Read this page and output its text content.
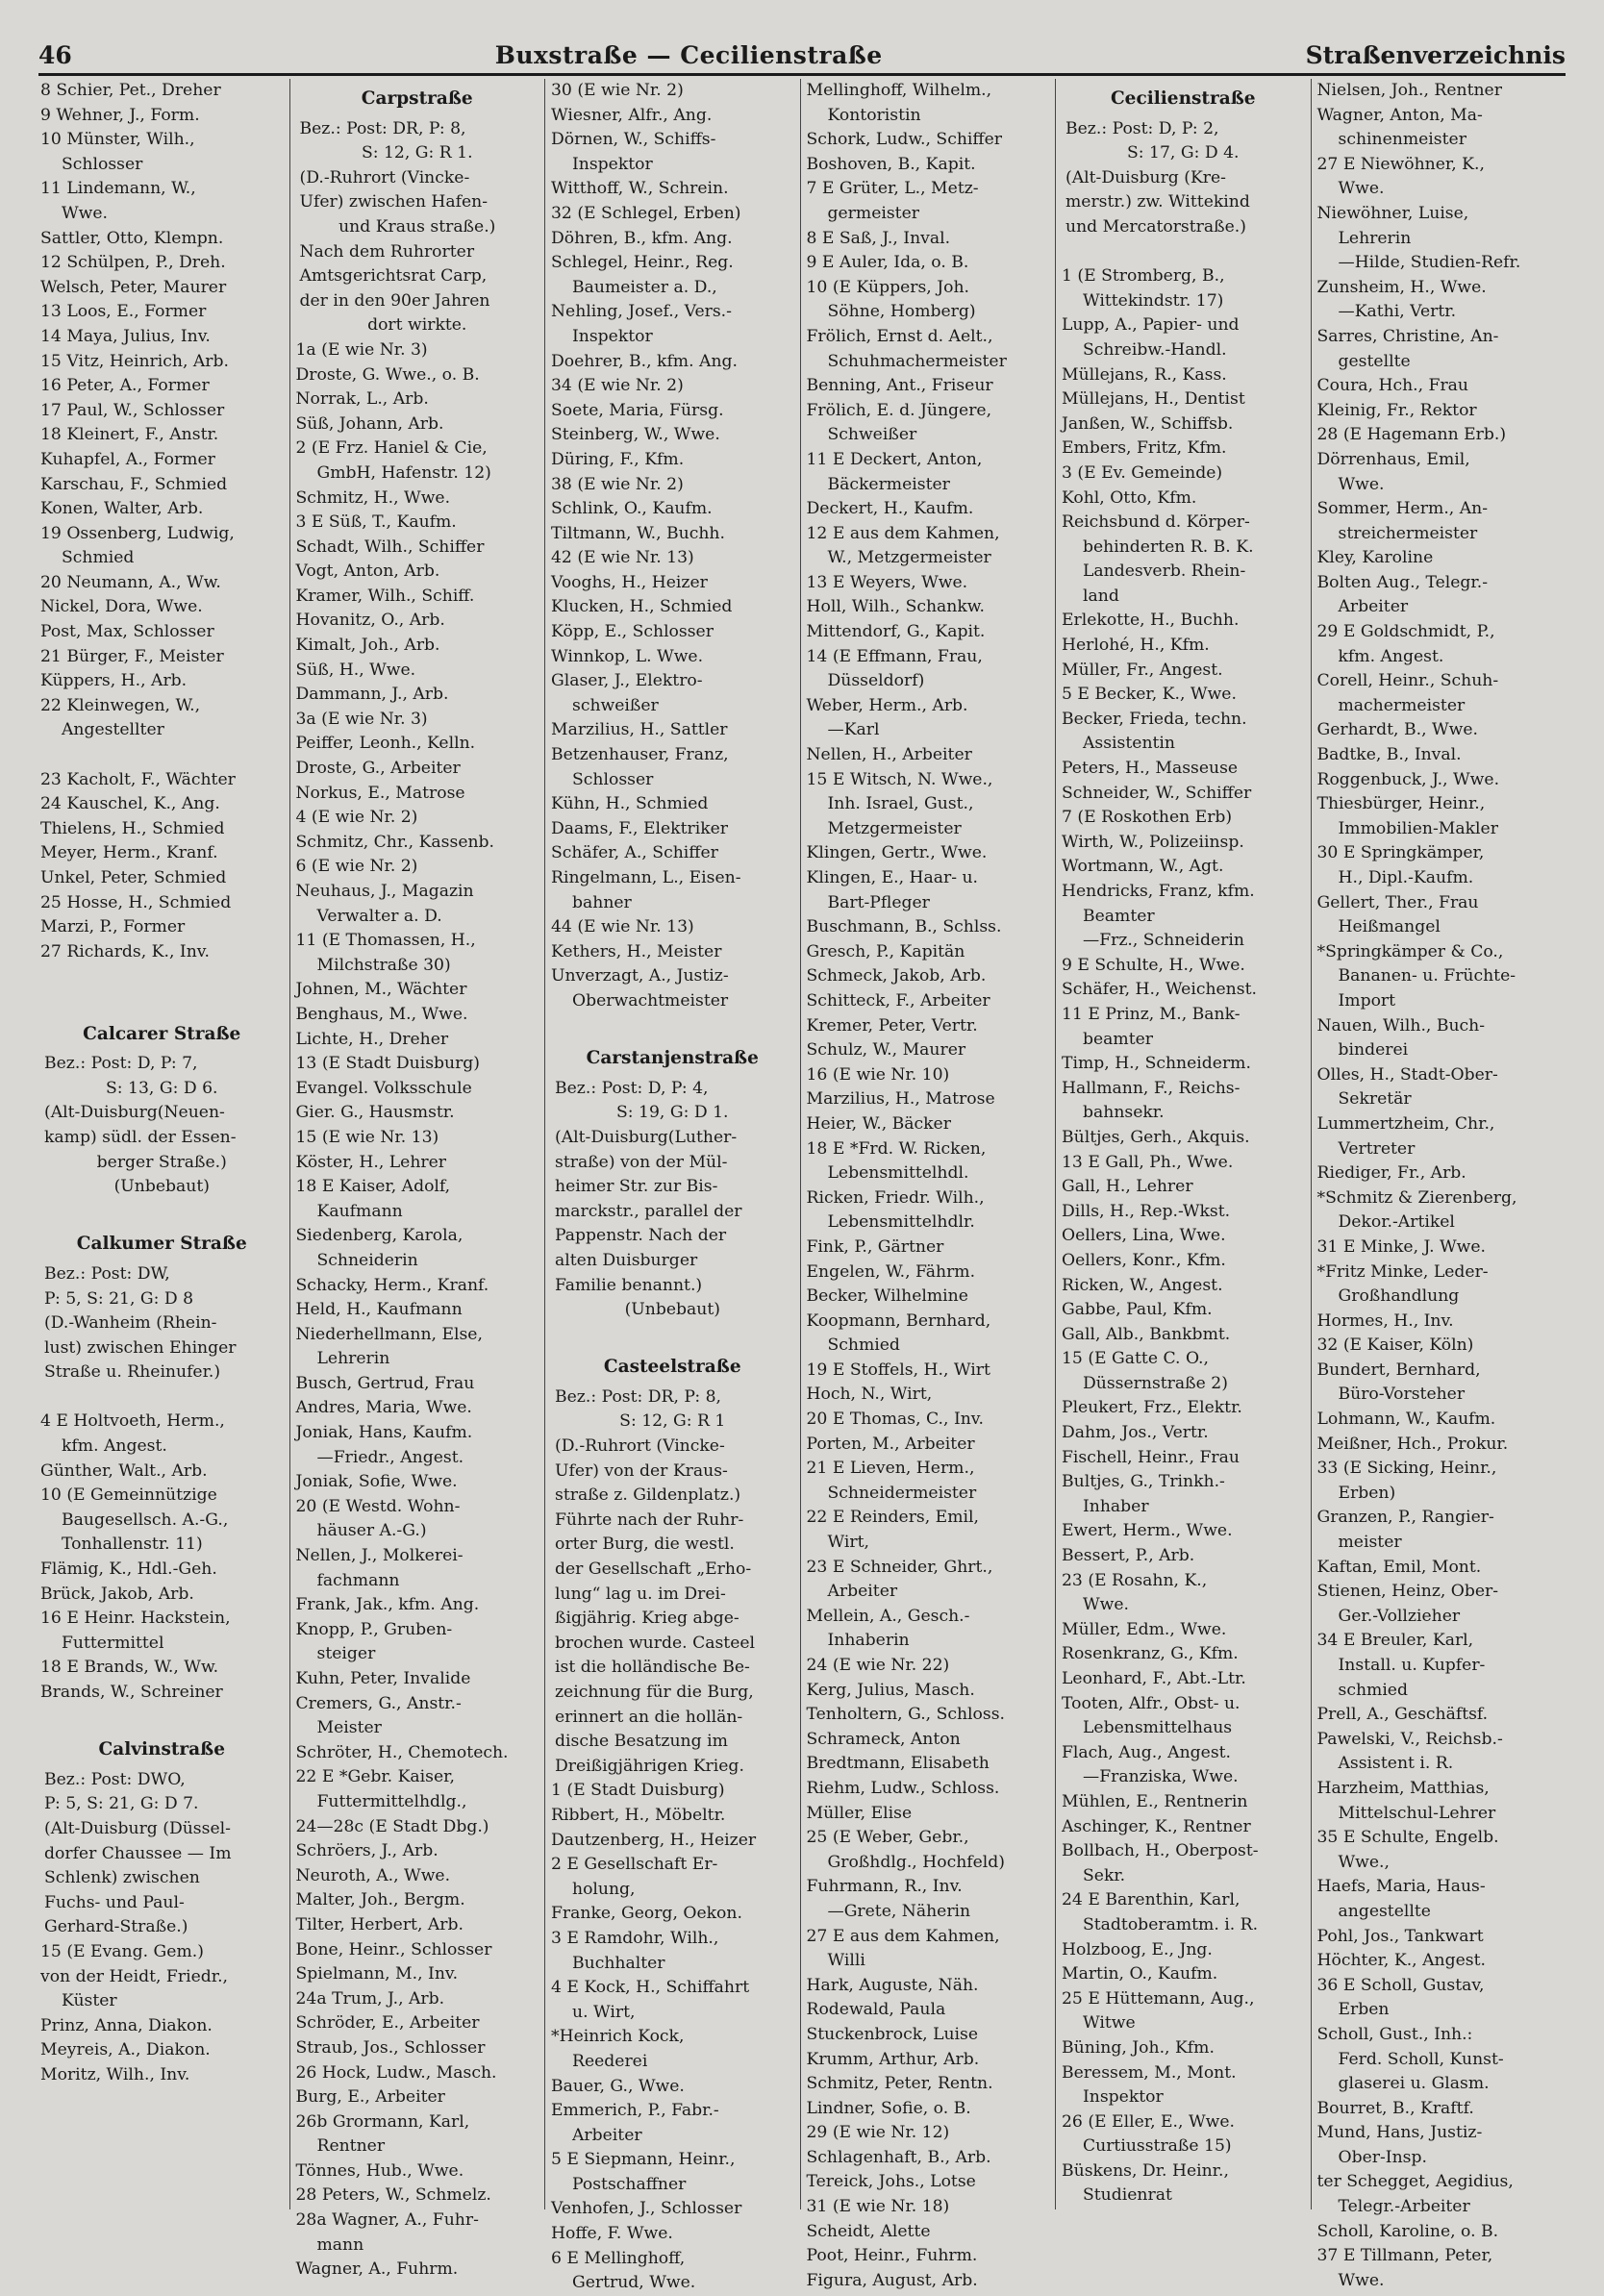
46	Buxstraße — Cecilienstraße	Straßenverzeichnis
8 Schier, Pet., Dreher
9 Wehner, J., Form.
10 Münster, Wilh.,
Schlosser
11 Lindemann, W.,
Wwe.
Sattler, Otto, Klempn.
12 Schülpen, P., Dreh.
Welsch, Peter, Maurer
13 Loos, E., Former
14 Maya, Julius, Inv.
15 Vitz, Heinrich, Arb.
16 Peter, A., Former
17 Paul, W., Schlosser
18 Kleinert, F., Anstr.
Kuhapfel, A., Former
Karschau, F., Schmied
Konen, Walter, Arb.
19 Ossenberg, Ludwig,
Schmied
20 Neumann, A., Ww.
Nickel, Dora, Wwe.
Post, Max, Schlosser
21 Bürger, F., Meister
Küppers, H., Arb.
22 Kleinwegen, W.,
Angestellter
23 Kacholt, F., Wächter
24 Kauschel, K., Ang.
Thielens, H., Schmied
Meyer, Herm., Kranf.
Unkel, Peter, Schmied
25 Hosse, H., Schmied
Marzi, P., Former
27 Richards, K., Inv.
Calcarer Straße
Bez.: Post: D, P: 7,
S: 13, G: D 6.
(Alt-Duisburg(Neuen-
kamp) südl. der Essen-
berger Straße.)
(Unbebaut)
Calkumer Straße
Bez.: Post: DW,
P: 5, S: 21, G: D 8
(D.-Wanheim (Rhein-
lust) zwischen Ehinger
Straße u. Rheinufer.)
4 E Holtvoeth, Herm.,
kfm. Angest.
Günther, Walt., Arb.
10 (E Gemeinnützige
Baugesellsch. A.-G.,
Tonhallenstr. 11)
Flämig, K., Hdl.-Geh.
Brück, Jakob, Arb.
16 E Heinr. Hackstein,
Futtermittel
18 E Brands, W., Ww.
Brands, W., Schreiner
Calvinstraße
Bez.: Post: DWO,
P: 5, S: 21, G: D 7.
(Alt-Duisburg (Düssel-
dorfer Chaussee — Im
Schlenk) zwischen
Fuchs- und Paul-
Gerhard-Straße.)
15 (E Evang. Gem.)
von der Heidt, Friedr.,
Küster
Prinz, Anna, Diakon.
Meyreis, A., Diakon.
Moritz, Wilh., Inv.
Carpstraße
Bez.: Post: DR, P: 8,
S: 12, G: R 1.
(D.-Ruhrort (Vincke-
Ufer) zwischen Hafen-
und Kraus straße.)
Nach dem Ruhrorter
Amtsgerichtsrat Carp,
der in den 90er Jahren
dort wirkte.
1a (E wie Nr. 3)
Droste, G. Wwe., o. B.
Norrak, L., Arb.
Süß, Johann, Arb.
2 (E Frz. Haniel & Cie,
GmbH, Hafenstr. 12)
Schmitz, H., Wwe.
3 E Süß, T., Kaufm.
Schadt, Wilh., Schiffer
Vogt, Anton, Arb.
Kramer, Wilh., Schiff.
Hovanitz, O., Arb.
Kimalt, Joh., Arb.
Süß, H., Wwe.
Dammann, J., Arb.
3a (E wie Nr. 3)
Peiffer, Leonh., Kelln.
Droste, G., Arbeiter
Norkus, E., Matrose
4 (E wie Nr. 2)
Schmitz, Chr., Kassenb.
6 (E wie Nr. 2)
Neuhaus, J., Magazin
Verwalter a. D.
11 (E Thomassen, H.,
Milchstraße 30)
Johnen, M., Wächter
Benghaus, M., Wwe.
Lichte, H., Dreher
13 (E Stadt Duisburg)
Evangel. Volksschule
Gier. G., Hausmstr.
15 (E wie Nr. 13)
Köster, H., Lehrer
18 E Kaiser, Adolf,
Kaufmann
Siedenberg, Karola,
Schneiderin
Schacky, Herm., Kranf.
Held, H., Kaufmann
Niederhellmann, Else,
Lehrerin
Busch, Gertrud, Frau
Andres, Maria, Wwe.
Joniak, Hans, Kaufm.
—Friedr., Angest.
Joniak, Sofie, Wwe.
20 (E Westd. Wohn-
häuser A.-G.)
Nellen, J., Molkerei-
fachmann
Frank, Jak., kfm. Ang.
Knopp, P., Gruben-
steiger
Kuhn, Peter, Invalide
Cremers, G., Anstr.-
Meister
Schröter, H., Chemotech.
22 E *Gebr. Kaiser,
Futtermittelhdlg.,
24—28c (E Stadt Dbg.)
Schröers, J., Arb.
Neuroth, A., Wwe.
Malter, Joh., Bergm.
Tilter, Herbert, Arb.
Bone, Heinr., Schlosser
Spielmann, M., Inv.
24a Trum, J., Arb.
Schröder, E., Arbeiter
Straub, Jos., Schlosser
26 Hock, Ludw., Masch.
Burg, E., Arbeiter
26b Grormann, Karl,
Rentner
Tönnes, Hub., Wwe.
28 Peters, W., Schmelz.
28a Wagner, A., Fuhr-
mann
Wagner, A., Fuhrm.
30 (E wie Nr. 2)
Wiesner, Alfr., Ang.
Dörnen, W., Schiffs-
Inspektor
Witthoff, W., Schrein.
32 (E Schlegel, Erben)
Döhren, B., kfm. Ang.
Schlegel, Heinr., Reg.
Baumeister a. D.,
Nehling, Josef., Vers.-
Inspektor
Doehrer, B., kfm. Ang.
34 (E wie Nr. 2)
Soete, Maria, Fürsg.
Steinberg, W., Wwe.
Düring, F., Kfm.
38 (E wie Nr. 2)
Schlink, O., Kaufm.
Tiltmann, W., Buchh.
42 (E wie Nr. 13)
Vooghs, H., Heizer
Klucken, H., Schmied
Köpp, E., Schlosser
Winnkop, L. Wwe.
Glaser, J., Elektro-
schweißer
Marzilius, H., Sattler
Betzenhauser, Franz,
Schlosser
Kühn, H., Schmied
Daams, F., Elektriker
Schäfer, A., Schiffer
Ringelmann, L., Eisen-
bahner
44 (E wie Nr. 13)
Kethers, H., Meister
Unverzagt, A., Justiz-
Oberwachtmeister
Carstanjenstraße
Bez.: Post: D, P: 4,
S: 19, G: D 1.
(Alt-Duisburg(Luther-
straße) von der Mül-
heimer Str. zur Bis-
marckstr., parallel der
Pappenstr. Nach der
alten Duisburger
Familie benannt.)
(Unbebaut)
Casteelstraße
Bez.: Post: DR, P: 8,
S: 12, G: R 1
(D.-Ruhrort (Vincke-
Ufer) von der Kraus-
straße z. Gildenplatz.)
Führte nach der Ruhr-
orter Burg, die westl.
der Gesellschaft „Erho-
lung“ lag u. im Drei-
ßigjährig. Krieg abge-
brochen wurde. Casteel
ist die holländische Be-
zeichnung für die Burg,
erinnert an die hollän-
dische Besatzung im
Dreißigjährigen Krieg.
1 (E Stadt Duisburg)
Ribbert, H., Möbeltr.
Dautzenberg, H., Heizer
2 E Gesellschaft Er-
holung,
Franke, Georg, Oekon.
3 E Ramdohr, Wilh.,
Buchhalter
4 E Kock, H., Schiffahrt
u. Wirt,
*Heinrich Kock,
Reederei
Bauer, G., Wwe.
Emmerich, P., Fabr.-
Arbeiter
5 E Siepmann, Heinr.,
Postschaffner
Venhofen, J., Schlosser
Hoffe, F. Wwe.
6 E Mellinghoff,
Gertrud, Wwe.
Mellinghoff, Wilhelm.,
Kontoristin
Schork, Ludw., Schiffer
Boshoven, B., Kapit.
7 E Grüter, L., Metz-
germeister
8 E Saß, J., Inval.
9 E Auler, Ida, o. B.
10 (E Küppers, Joh.
Söhne, Homberg)
Frölich, Ernst d. Aelt.,
Schuhmachermeister
Benning, Ant., Friseur
Frölich, E. d. Jüngere,
Schweißer
11 E Deckert, Anton,
Bäckermeister
Deckert, H., Kaufm.
12 E aus dem Kahmen,
W., Metzgermeister
13 E Weyers, Wwe.
Holl, Wilh., Schankw.
Mittendorf, G., Kapit.
14 (E Effmann, Frau,
Düsseldorf)
Weber, Herm., Arb.
—Karl
Nellen, H., Arbeiter
15 E Witsch, N. Wwe.,
Inh. Israel, Gust.,
Metzgermeister
Klingen, Gertr., Wwe.
Klingen, E., Haar- u.
Bart-Pfleger
Buschmann, B., Schlss.
Gresch, P., Kapitän
Schmeck, Jakob, Arb.
Schitteck, F., Arbeiter
Kremer, Peter, Vertr.
Schulz, W., Maurer
16 (E wie Nr. 10)
Marzilius, H., Matrose
Heier, W., Bäcker
18 E *Frd. W. Ricken,
Lebensmittelhdl.
Ricken, Friedr. Wilh.,
Lebensmittelhdlr.
Fink, P., Gärtner
Engelen, W., Fährm.
Becker, Wilhelmine
Koopmann, Bernhard,
Schmied
19 E Stoffels, H., Wirt
Hoch, N., Wirt,
20 E Thomas, C., Inv.
Porten, M., Arbeiter
21 E Lieven, Herm.,
Schneidermeister
22 E Reinders, Emil,
Wirt,
23 E Schneider, Ghrt.,
Arbeiter
Mellein, A., Gesch.-
Inhaberin
24 (E wie Nr. 22)
Kerg, Julius, Masch.
Tenholtern, G., Schloss.
Schrameck, Anton
Bredtmann, Elisabeth
Riehm, Ludw., Schloss.
Müller, Elise
25 (E Weber, Gebr.,
Großhdlg., Hochfeld)
Fuhrmann, R., Inv.
—Grete, Näherin
27 E aus dem Kahmen,
Willi
Hark, Auguste, Näh.
Rodewald, Paula
Stuckenbrock, Luise
Krumm, Arthur, Arb.
Schmitz, Peter, Rentn.
Lindner, Sofie, o. B.
29 (E wie Nr. 12)
Schlagenhaft, B., Arb.
Tereick, Johs., Lotse
31 (E wie Nr. 18)
Scheidt, Alette
Poot, Heinr., Fuhrm.
Figura, August, Arb.
Cecilienstraße
Bez.: Post: D, P: 2,
S: 17, G: D 4.
(Alt-Duisburg (Kre-
merstr.) zw. Wittekind
und Mercatorstraße.)
1 (E Stromberg, B.,
Wittekindstr. 17)
Lupp, A., Papier- und
Schreibw.-Handl.
Müllejans, R., Kass.
Müllejans, H., Dentist
Janßen, W., Schiffsb.
Embers, Fritz, Kfm.
3 (E Ev. Gemeinde)
Kohl, Otto, Kfm.
Reichsbund d. Körper-
behinderten R. B. K.
Landesverb. Rhein-
land
Erlekotte, H., Buchh.
Herlohé, H., Kfm.
Müller, Fr., Angest.
5 E Becker, K., Wwe.
Becker, Frieda, techn.
Assistentin
Peters, H., Masseuse
Schneider, W., Schiffer
7 (E Roskothen Erb)
Wirth, W., Polizeiinsp.
Wortmann, W., Agt.
Hendricks, Franz, kfm.
Beamter
—Frz., Schneiderin
9 E Schulte, H., Wwe.
Schäfer, H., Weichenst.
11 E Prinz, M., Bank-
beamter
Timp, H., Schneiderm.
Hallmann, F., Reichs-
bahnsekr.
Bültjes, Gerh., Akquis.
13 E Gall, Ph., Wwe.
Gall, H., Lehrer
Dills, H., Rep.-Wkst.
Oellers, Lina, Wwe.
Oellers, Konr., Kfm.
Ricken, W., Angest.
Gabbe, Paul, Kfm.
Gall, Alb., Bankbmt.
15 (E Gatte C. O.,
Düssernstraße 2)
Pleukert, Frz., Elektr.
Dahm, Jos., Vertr.
Fischell, Heinr., Frau
Bultjes, G., Trinkh.-
Inhaber
Ewert, Herm., Wwe.
Bessert, P., Arb.
23 (E Rosahn, K.,
Wwe.
Müller, Edm., Wwe.
Rosenkranz, G., Kfm.
Leonhard, F., Abt.-Ltr.
Tooten, Alfr., Obst- u.
Lebensmittelhaus
Flach, Aug., Angest.
—Franziska, Wwe.
Mühlen, E., Rentnerin
Aschinger, K., Rentner
Bollbach, H., Oberpost-
Sekr.
24 E Barenthin, Karl,
Stadtoberamtm. i. R.
Holzboog, E., Jng.
Martin, O., Kaufm.
25 E Hüttemann, Aug.,
Witwe
Büning, Joh., Kfm.
Beressem, M., Mont.
Inspektor
26 (E Eller, E., Wwe.
Curtiusstraße 15)
Büskens, Dr. Heinr.,
Studienrat
Nielsen, Joh., Rentner
Wagner, Anton, Ma-
schinenmeister
27 E Niewöhner, K.,
Wwe.
Niewöhner, Luise,
Lehrerin
—Hilde, Studien-Refr.
Zunsheim, H., Wwe.
—Kathi, Vertr.
Sarres, Christine, An-
gestellte
Coura, Hch., Frau
Kleinig, Fr., Rektor
28 (E Hagemann Erb.)
Dörrenhaus, Emil,
Wwe.
Sommer, Herm., An-
streichermeister
Kley, Karoline
Bolten Aug., Telegr.-
Arbeiter
29 E Goldschmidt, P.,
kfm. Angest.
Corell, Heinr., Schuh-
machermeister
Gerhardt, B., Wwe.
Badtke, B., Inval.
Roggenbuck, J., Wwe.
Thiesbürger, Heinr.,
Immobilien-Makler
30 E Springkämper,
H., Dipl.-Kaufm.
Gellert, Ther., Frau
Heißmangel
*Springkämper & Co.,
Bananen- u. Früchte-
Import
Nauen, Wilh., Buch-
binderei
Olles, H., Stadt-Ober-
Sekretär
Lummertzheim, Chr.,
Vertreter
Riediger, Fr., Arb.
*Schmitz & Zierenberg,
Dekor.-Artikel
31 E Minke, J. Wwe.
*Fritz Minke, Leder-
Großhandlung
Hormes, H., Inv.
32 (E Kaiser, Köln)
Bundert, Bernhard,
Büro-Vorsteher
Lohmann, W., Kaufm.
Meißner, Hch., Prokur.
33 (E Sicking, Heinr.,
Erben)
Granzen, P., Rangier-
meister
Kaftan, Emil, Mont.
Stienen, Heinz, Ober-
Ger.-Vollzieher
34 E Breuler, Karl,
Install. u. Kupfer-
schmied
Prell, A., Geschäftsf.
Pawelski, V., Reichsb.-
Assistent i. R.
Harzheim, Matthias,
Mittelschul-Lehrer
35 E Schulte, Engelb.
Wwe.,
Haefs, Maria, Haus-
angestellte
Pohl, Jos., Tankwart
Höchter, K., Angest.
36 E Scholl, Gustav,
Erben
Scholl, Gust., Inh.:
Ferd. Scholl, Kunst-
glaserei u. Glasm.
Bourret, B., Kraftf.
Mund, Hans, Justiz-
Ober-Insp.
ter Schegget, Aegidius,
Telegr.-Arbeiter
Scholl, Karoline, o. B.
37 E Tillmann, Peter,
Wwe.
